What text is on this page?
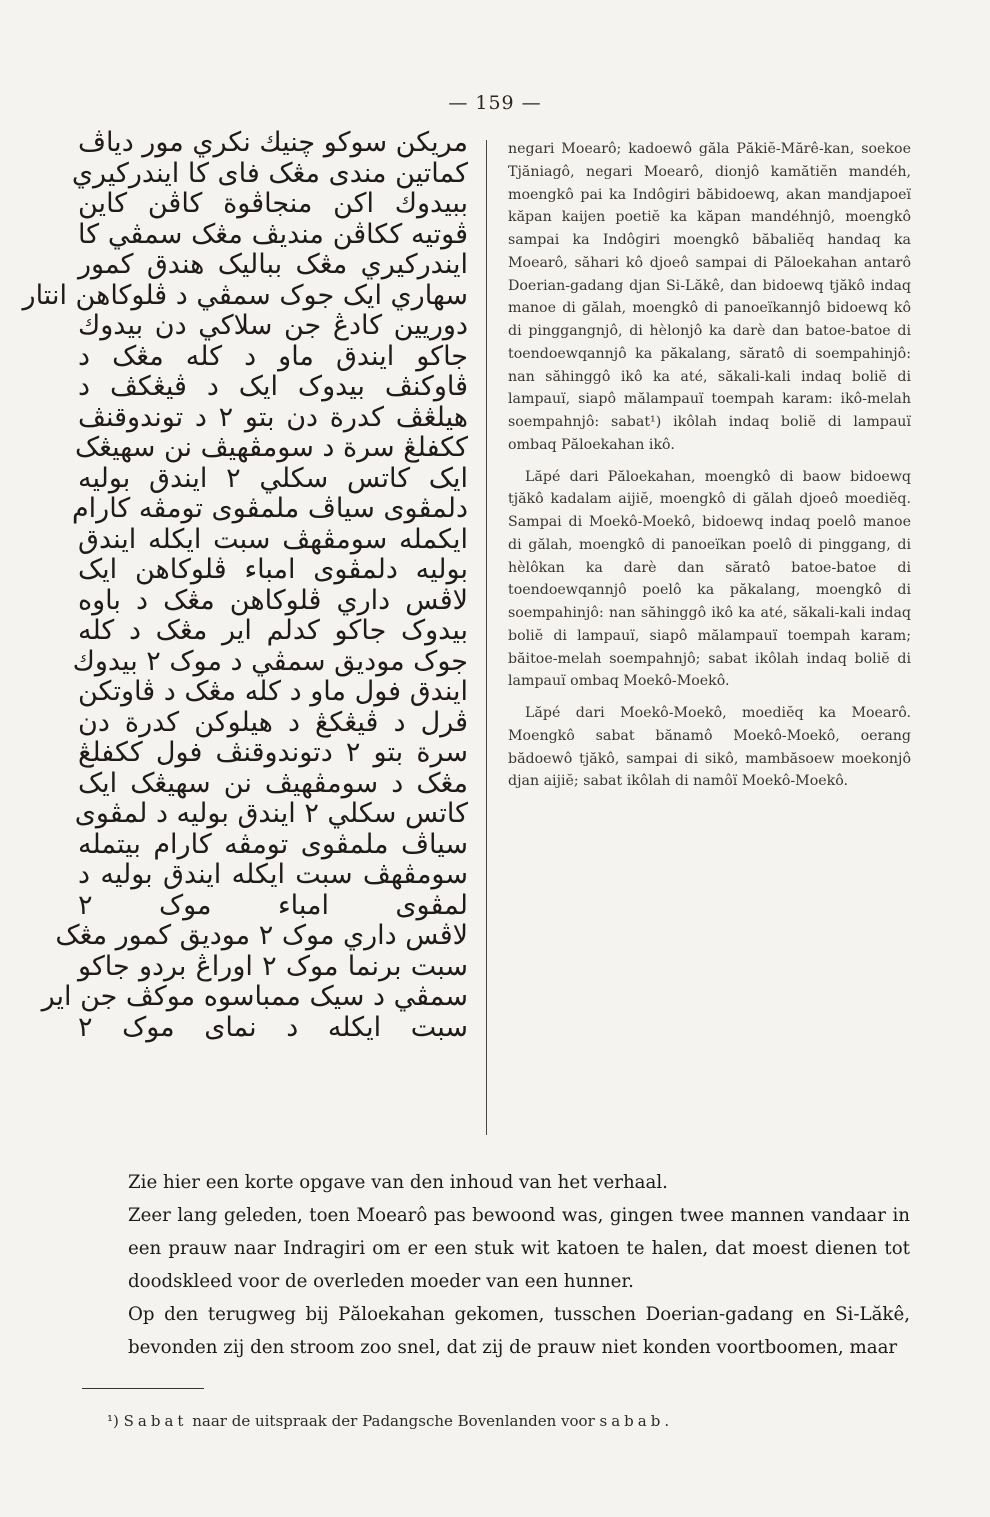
— 159 —
مريكن سوكو چنيك نكري مور دياڤ
كماتين مندى مڠک فاى كا ايندركيري
ببيدوك اكن منجاڤوة كاڤن كاين
ڤوتيه ككاڤن منديڤ مڠک سمڤي كا
ايندركيري مڠک ببالیک هندق كمور
سهاري ايک جوک سمڤي د ڤلوكاهن انتار
دوريين كادڠ جن سلاكي دن بيدوك
جاكو ايندق ماو د كله مڠک د
ڤاوكنڤ بيدوک ايک د ڤيڠكڤ د
هيلڠڤ كدرة دن بتو ٢ د توندوقنڤ
ككفلڠ سرة د سومڤهيڤ نن سهيڠک
ايک كاتس سكلي ٢ ايندق بوليه
دلمڤوى سياڤ ملمڤوى تومڤه كارام
ايكمله سومڤهڤ سبت ايكله ايندق
بوليه دلمڤوى امباء ڤلوكاهن ايک
لاڤس داري ڤلوكاهن مڠک د باوه
بيدوک جاكو كدلم اير مڠک د كله
جوک موديق سمڤي د موک ٢ بيدوك
ايندق فول ماو د كله مڠک د ڤاوتكن
ڤرل د ڤيڠكڠ د هيلوكن كدرة دن
سرة بتو ٢ دتوندوقنڤ فول ككفلڠ
مڠک د سومڤهيڤ نن سهيڠک ايک
كاتس سكلي ٢ ايندق بوليه د لمڤوى
سياڤ ملمڤوى تومڤه كارام بيتمله
سومڤهڤ سبت ايكله ايندق بوليه د
لمڤوى امباء موک ٢
لاڤس داري موک ٢ موديق كمور مڠک
سبت برنما موک ٢ اوراڠ بردو جاكو
سمڤي د سيک ممباسوه موكڤ جن اير
سبت ايكله د نماى موک ٢

negari Moearô; kadoewô găla Păkiĕ-Mărê-kan, soekoe Tjăniagô, negari Moearô, dionjô kamătiĕn mandéh, moengkô pai ka Indôgiri băbidoewq, akan mandjapoeï kăpan kaijen poetiĕ ka kăpan mandéhnjô, moengkô sampai ka Indôgiri moengkô băbaliĕq handaq ka Moearô, săhari kô djoeô sampai di Păloekahan antarô Doerian-gadang djan Si-Lăkê, dan bidoewq tjăkô indaq manoe di gălah, moengkô di panoeïkannjô bidoewq kô di pinggangnjô, di hèlonjô ka darè dan batoe-batoe di toendoewqannjô ka păkalang, săratô di soempahinjô: nan săhinggô ikô ka até, săkali-kali indaq boliĕ di lampauï, siapô mălampauï toempah karam: ikô-melah soempahnjô: sabat¹) ikôlah indaq boliĕ di lampauï ombaq Păloekahan ikô.

Lăpé dari Păloekahan, moengkô di baow bidoewq tjăkô kadalam aijiĕ, moengkô di gălah djoeô moediĕq. Sampai di Moekô-Moekô, bidoewq indaq poelô manoe di gălah, moengkô di panoeïkan poelô di pinggang, di hèlôkan ka darè dan săratô batoe-batoe di toendoewqannjô poelô ka păkalang, moengkô di soempahinjô: nan săhinggô ikô ka até, săkali-kali indaq boliĕ di lampauï, siapô mălampauï toempah karam; băitoe-melah soempahnjô; sabat ikôlah indaq boliĕ di lampauï ombaq Moekô-Moekô.

Lăpé dari Moekô-Moekô, moediĕq ka Moearô. Moengkô sabat bănamô Moekô-Moekô, oerang bădoewô tjăkô, sampai di sikô, mambăsoew moekonjô djan aijiĕ; sabat ikôlah di namôï Moekô-Moekô.

Zie hier een korte opgave van den inhoud van het verhaal.

Zeer lang geleden, toen Moearô pas bewoond was, gingen twee mannen vandaar in een prauw naar Indragiri om er een stuk wit katoen te halen, dat moest dienen tot doodskleed voor de overleden moeder van een hunner.

Op den terugweg bij Păloekahan gekomen, tusschen Doerian-gadang en Si-Lăkê, bevonden zij den stroom zoo snel, dat zij de prauw niet konden voortboomen, maar

¹) Sabat naar de uitspraak der Padangsche Bovenlanden voor sabab.
